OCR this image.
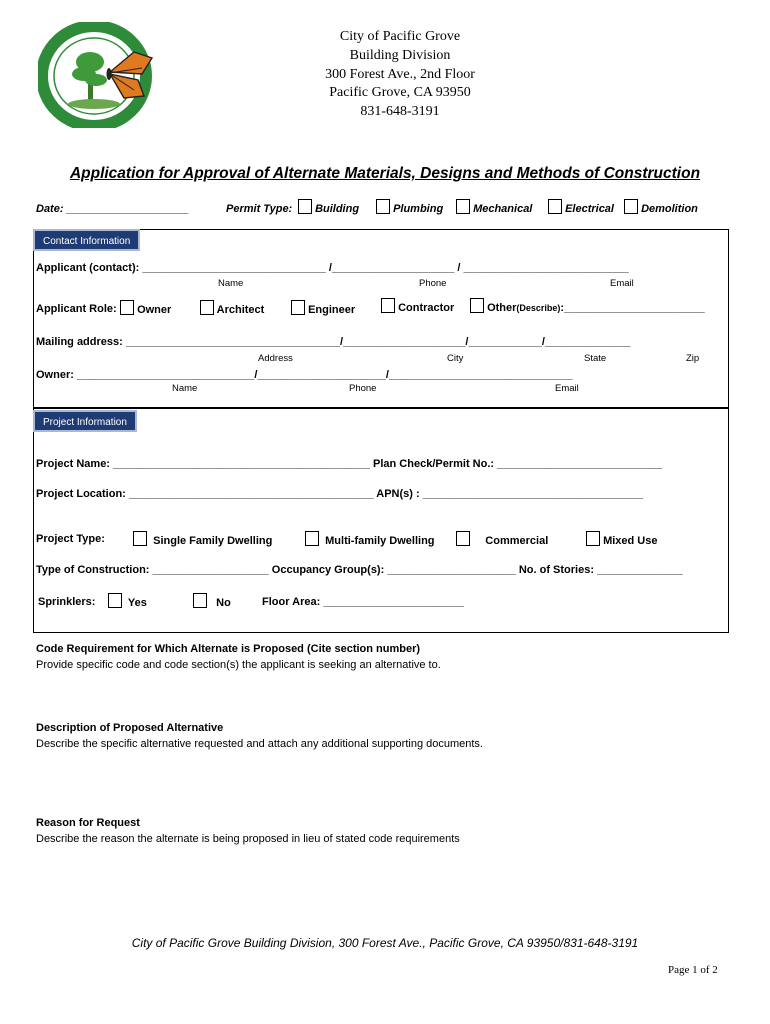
City of Pacific Grove
Building Division
300 Forest Ave., 2nd Floor
Pacific Grove, CA 93950
831-648-3191
Application for Approval of Alternate Materials, Designs and Methods of Construction
Date: ____________________	Permit Type:	Building	Plumbing	Mechanical	Electrical	Demolition
Contact Information
Applicant (contact): ______________________________ /____________________ / ___________________________
Name	Phone	Email
Applicant Role:	Owner	Architect	Engineer	Contractor	Other(Describe):_______________________
Mailing address: ___________________________________/____________________/____________/______________
Address	City	State	Zip
Owner: _____________________________/_____________________/______________________________
Name	Phone	Email
Project Information
Project Name: __________________________________________ Plan Check/Permit No.: ___________________________
Project Location: ________________________________________ APN(s) : ____________________________________
Project Type:	Single Family Dwelling	Multi-family Dwelling	Commercial	Mixed Use
Type of Construction: ___________________ Occupancy Group(s): _____________________ No. of Stories: ______________
Sprinklers:	Yes	No	Floor Area: _______________________
Code Requirement for Which Alternate is Proposed (Cite section number)
Provide specific code and code section(s) the applicant is seeking an alternative to.
Description of Proposed Alternative
Describe the specific alternative requested and attach any additional supporting documents.
Reason for Request
Describe the reason the alternate is being proposed in lieu of stated code requirements
City of Pacific Grove Building Division, 300 Forest Ave., Pacific Grove, CA 93950/831-648-3191
Page 1 of 2
